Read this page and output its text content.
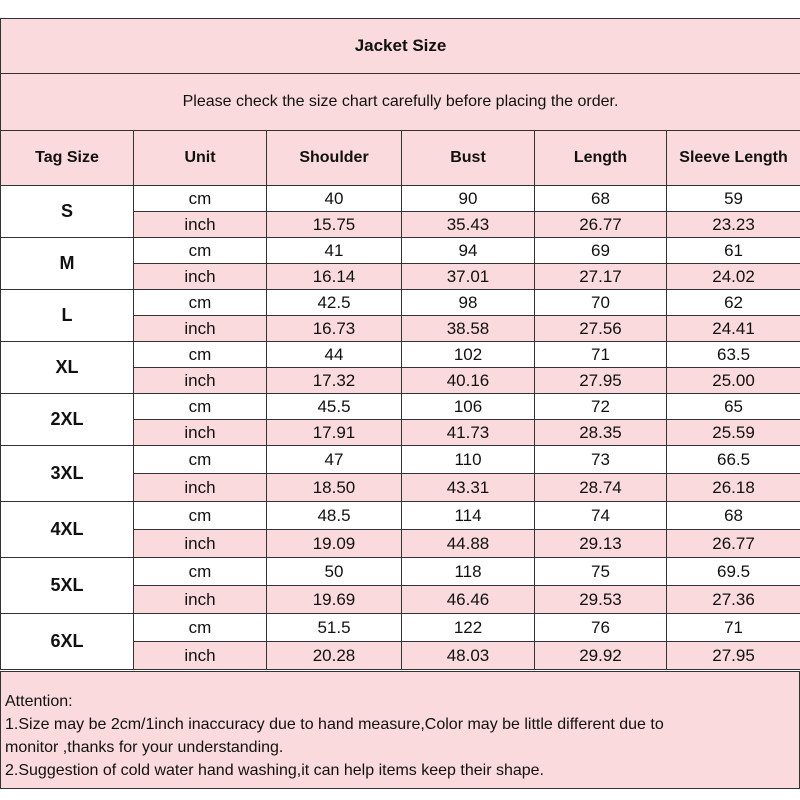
Jacket Size					
Please check the size chart carefully before placing the order.					
Tag Size	Unit	Shoulder	Bust	Length	Sleeve Length
S	cm	40	90	68	59
	inch	15.75	35.43	26.77	23.23
M	cm	41	94	69	61
	inch	16.14	37.01	27.17	24.02
L	cm	42.5	98	70	62
	inch	16.73	38.58	27.56	24.41
XL	cm	44	102	71	63.5
	inch	17.32	40.16	27.95	25.00
2XL	cm	45.5	106	72	65
	inch	17.91	41.73	28.35	25.59
3XL	cm	47	110	73	66.5
	inch	18.50	43.31	28.74	26.18
4XL	cm	48.5	114	74	68
	inch	19.09	44.88	29.13	26.77
5XL	cm	50	118	75	69.5
	inch	19.69	46.46	29.53	27.36
6XL	cm	51.5	122	76	71
	inch	20.28	48.03	29.92	27.95
Attention:
1.Size may be 2cm/1inch inaccuracy due to hand measure,Color may be little different due to
monitor ,thanks for your understanding.
2.Suggestion of cold water hand washing,it can help items keep their shape.
